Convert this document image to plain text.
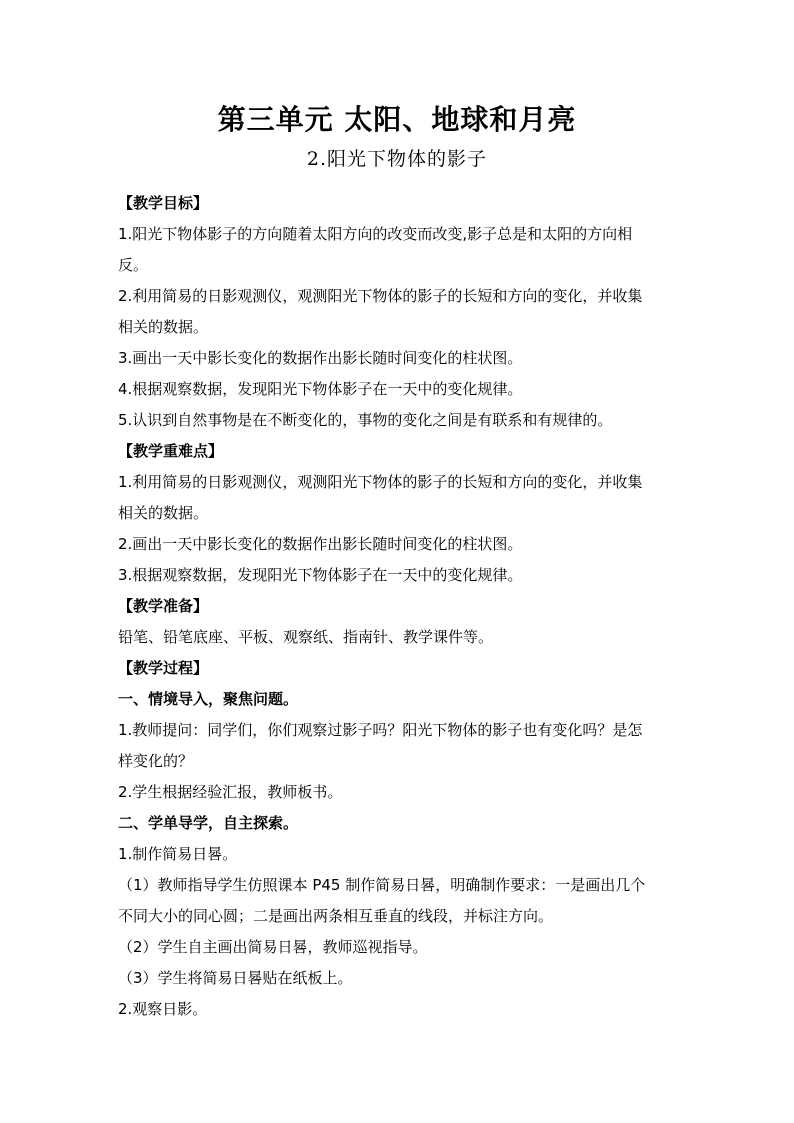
第三单元 太阳、地球和月亮
2.阳光下物体的影子

【教学目标】

1.阳光下物体影子的方向随着太阳方向的改变而改变,影子总是和太阳的方向相

反。

2.利用简易的日影观测仪，观测阳光下物体的影子的长短和方向的变化，并收集

相关的数据。

3.画出一天中影长变化的数据作出影长随时间变化的柱状图。

4.根据观察数据，发现阳光下物体影子在一天中的变化规律。

5.认识到自然事物是在不断变化的，事物的变化之间是有联系和有规律的。

【教学重难点】

1.利用简易的日影观测仪，观测阳光下物体的影子的长短和方向的变化，并收集

相关的数据。

2.画出一天中影长变化的数据作出影长随时间变化的柱状图。

3.根据观察数据，发现阳光下物体影子在一天中的变化规律。

【教学准备】

铅笔、铅笔底座、平板、观察纸、指南针、教学课件等。

【教学过程】

一、情境导入，聚焦问题。

1.教师提问：同学们，你们观察过影子吗？阳光下物体的影子也有变化吗？是怎

样变化的？

2.学生根据经验汇报，教师板书。

二、学单导学，自主探索。

1.制作简易日晷。

（1）教师指导学生仿照课本 P45 制作简易日晷，明确制作要求：一是画出几个

不同大小的同心圆；二是画出两条相互垂直的线段，并标注方向。

（2）学生自主画出简易日晷，教师巡视指导。

（3）学生将简易日晷贴在纸板上。

2.观察日影。
